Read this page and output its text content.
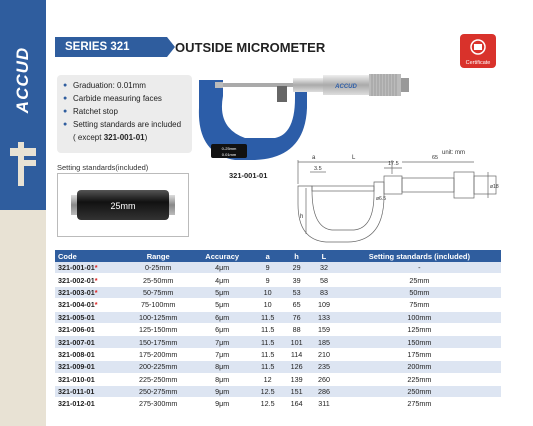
ACCUD	SERIES 321	OUTSIDE MICROMETER
Certificate
● Graduation: 0.01mm
● Carbide measuring faces
● Ratchet stop
● Setting standards are included
( except 321-001-01)
Setting standards(included)
25mm
0-25mm
0.01mm
ACCUD
321-001-01
unit: mm
a	L
17.5
65
3.5
h
ø18
ø6.5
Code	Range	Accuracy	a	h	L	Setting standards (included)
321-001-01*	0-25mm	4μm	9	29	32	-
321-002-01*	25-50mm	4μm	9	39	58	25mm
321-003-01*	50-75mm	5μm	10	53	83	50mm
321-004-01*	75-100mm	5μm	10	65	109	75mm
321-005-01	100-125mm	6μm	11.5	76	133	100mm
321-006-01	125-150mm	6μm	11.5	88	159	125mm
321-007-01	150-175mm	7μm	11.5	101	185	150mm
321-008-01	175-200mm	7μm	11.5	114	210	175mm
321-009-01	200-225mm	8μm	11.5	126	235	200mm
321-010-01	225-250mm	8μm	12	139	260	225mm
321-011-01	250-275mm	9μm	12.5	151	286	250mm
321-012-01	275-300mm	9μm	12.5	164	311	275mm
